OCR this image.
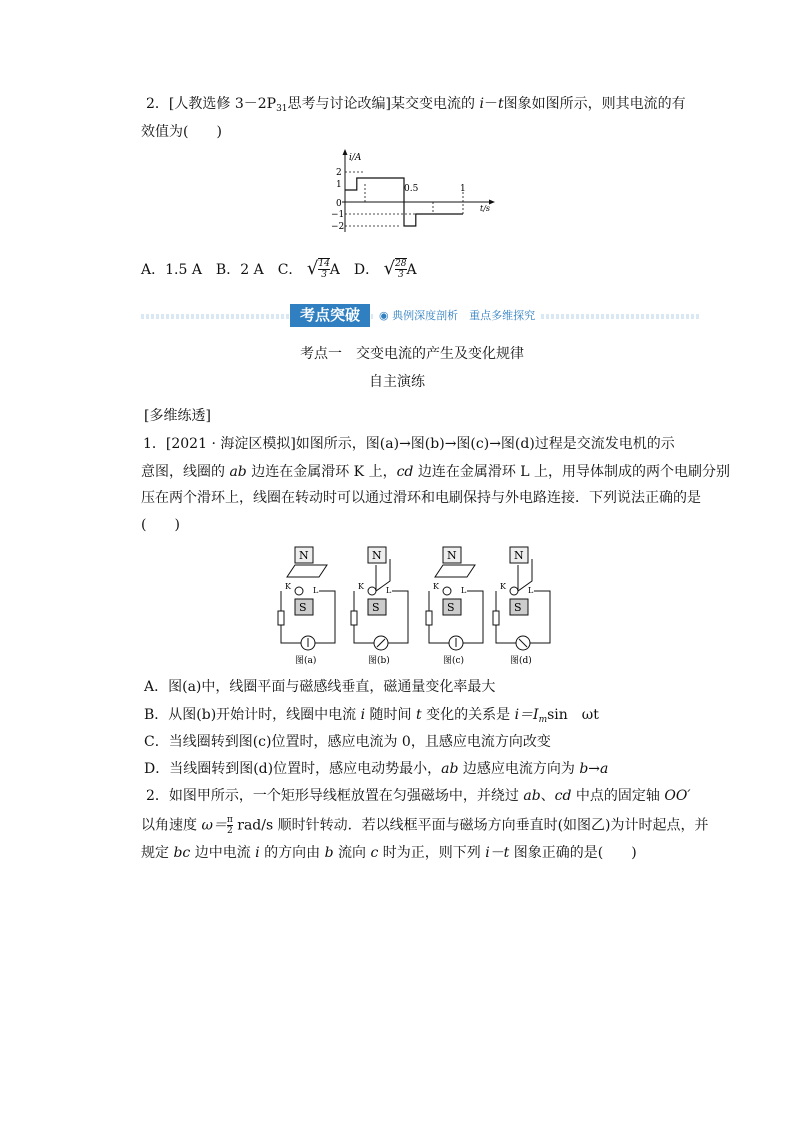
2．[人教选修 $3-2P_{31}$思考与讨论改编]某交变电流的 i－t图象如图所示，则其电流的有
效值为(　　)
i/A
t/s
2
1
0
−1
−2
0.5	1
A．1.5 A　B．2 A　C． √ $\frac{14}{3}$ A　D． √ $\frac{28}{3}$ A
考点突破	◉ 典例深度剖析　重点多维探究
考点一　交变电流的产生及变化规律
自主演练
[多维练透]
1．[2021 · 海淀区模拟]如图所示，图(a)→图(b)→图(c)→图(d)过程是交流发电机的示
意图，线圈的 ab 边连在金属滑环 K 上，cd 边连在金属滑环 L 上，用导体制成的两个电刷分别
压在两个滑环上，线圈在转动时可以通过滑环和电刷保持与外电路连接．下列说法正确的是
(　　)
N
K	L
S
图(a)
N
K	L
S
图(b)
N
K	L
S
图(c)
N
K	L
S
图(d)
A．图(a)中，线圈平面与磁感线垂直，磁通量变化率最大
B．从图(b)开始计时，线圈中电流 i 随时间 t 变化的关系是 $i=I_m\sin$　ωt
C．当线圈转到图(c)位置时，感应电流为 0，且感应电流方向改变
D．当线圈转到图(d)位置时，感应电动势最小，ab 边感应电流方向为 b→a
2．如图甲所示，一个矩形导线框放置在匀强磁场中，并绕过 ab、cd 中点的固定轴 OO′
以角速度 $\omega= \frac{\pi}{2} rad/s$ 顺时针转动．若以线框平面与磁场方向垂直时(如图乙)为计时起点，并
规定 bc 边中电流 i 的方向由 b 流向 c 时为正，则下列 i－t 图象正确的是(　　)
